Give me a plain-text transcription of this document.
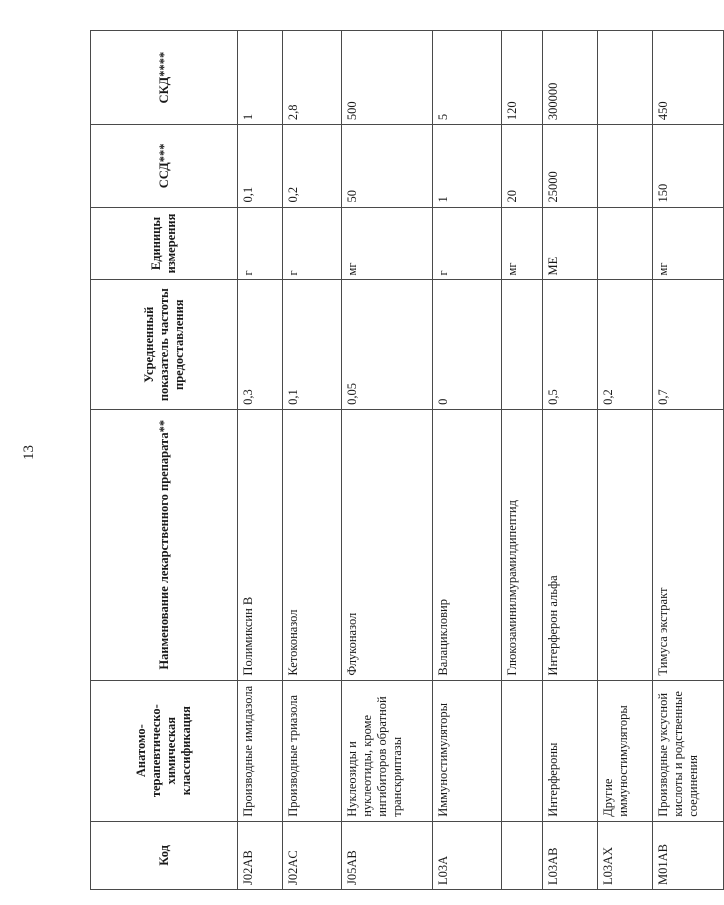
13
Код	Анатомо-терапевтическо-химическая классификация	Наименование лекарственного препарата**	Усредненный показатель частоты предоставления	Единицы измерения	ССД***	СКД****
J02AB	Производные имидазола	Полимиксин В	0,3	г	0,1	1
J02AC	Производные триазола	Кетоконазол	0,1	г	0,2	2,8
J05AB	Нуклеозиды и нуклеотиды, кроме ингибиторов обратной транскриптазы	Флуконазол	0,05	мг	50	500
L03A	Иммуностимуляторы	Валацикловир	0	г	1	5
		Глюкозаминилмурамилдипептид		мг	20	120
L03AB	Интерфероны	Интерферон альфа	0,5	МЕ	25000	300000
L03AX	Другие иммуностимуляторы		0,2			
M01AB	Производные уксусной кислоты и родственные соединения	Тимуса экстракт	0,7	мг	150	450
